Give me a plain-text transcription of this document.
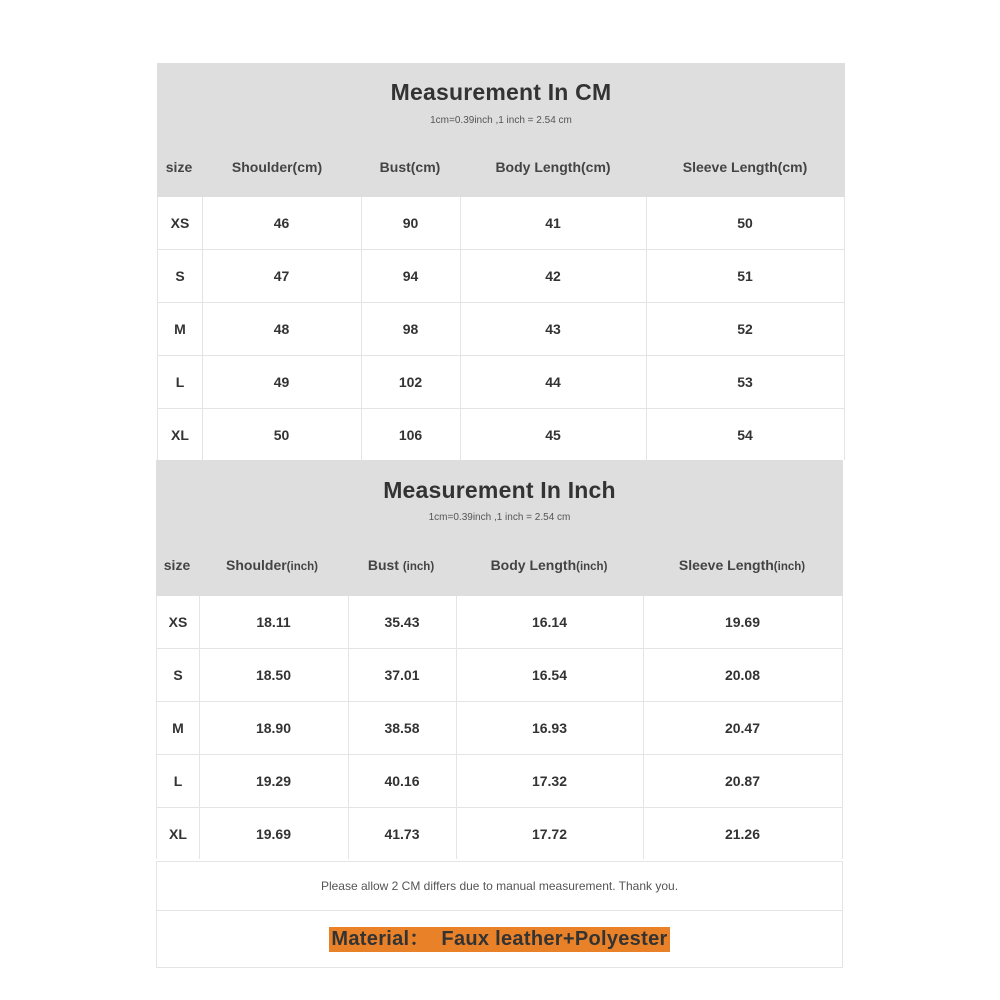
Measurement In CM
1cm=0.39inch ,1 inch = 2.54 cm
size	Shoulder(cm)	Bust(cm)	Body Length(cm)	Sleeve Length(cm)
XS	46	90	41	50
S	47	94	42	51
M	48	98	43	52
L	49	102	44	53
XL	50	106	45	54
Measurement In Inch
1cm=0.39inch ,1 inch = 2.54 cm
size	Shoulder(inch)	Bust (inch)	Body Length(inch)	Sleeve Length(inch)
XS	18.11	35.43	16.14	19.69
S	18.50	37.01	16.54	20.08
M	18.90	38.58	16.93	20.47
L	19.29	40.16	17.32	20.87
XL	19.69	41.73	17.72	21.26
Please allow 2 CM differs due to manual measurement. Thank you.
Material：  Faux leather+Polyester
